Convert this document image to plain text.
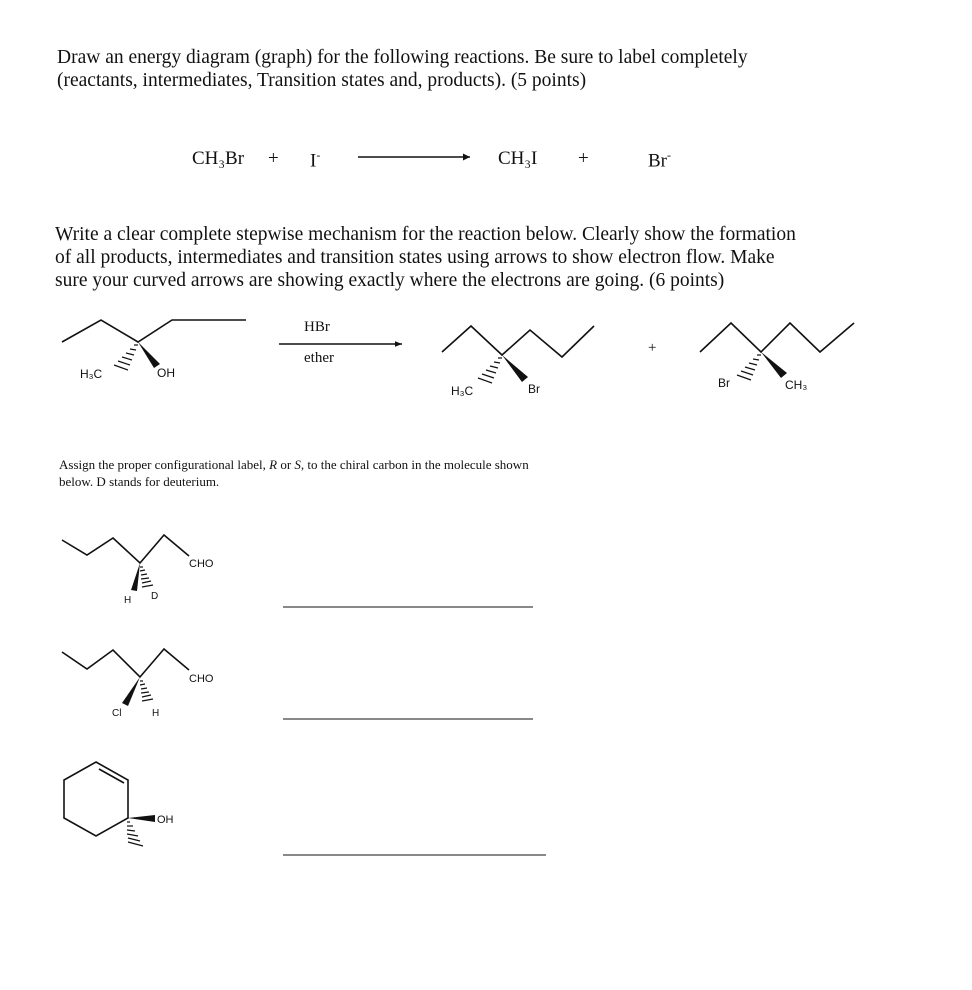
Draw an energy diagram (graph) for the following reactions. Be sure to label completely
(reactants, intermediates, Transition states and, products). (5 points)
CH₃Br + I-	CH₃I +	Br-
Write a clear complete stepwise mechanism for the reaction below. Clearly show the formation
of all products, intermediates and transition states using arrows to show electron flow. Make
sure your curved arrows are showing exactly where the electrons are going. (6 points)
Assign the proper configurational label, R or S, to the chiral carbon in the molecule shown
below. D stands for deuterium.
H₃C	OH
HBr
ether
H₃C	Br
+
Br	CH₃
CHO
H D
CHO
Cl	H
OH
